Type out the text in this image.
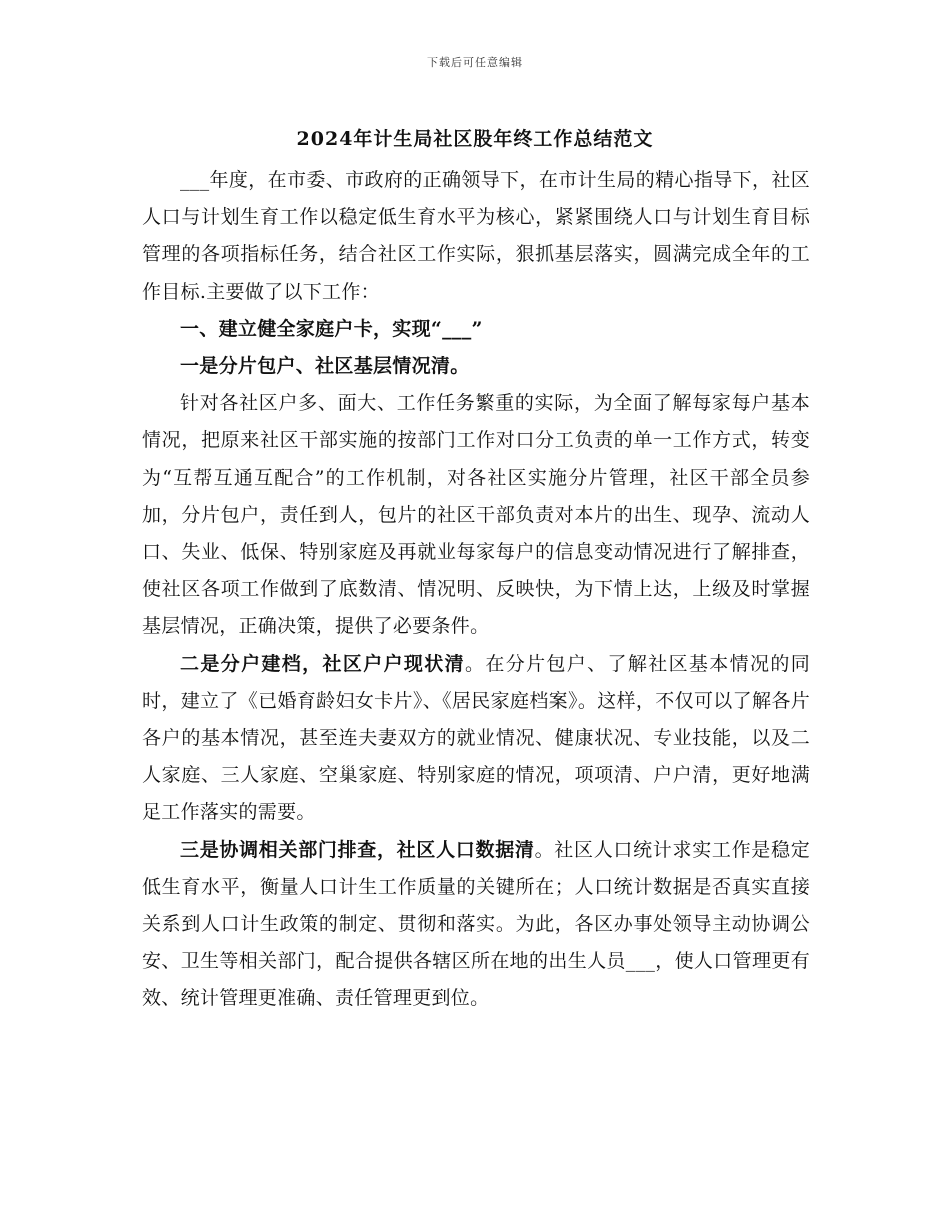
下载后可任意编辑
2024年计生局社区股年终工作总结范文

___年度，在市委、市政府的正确领导下，在市计生局的精心指导下，社区人口与计划生育工作以稳定低生育水平为核心，紧紧围绕人口与计划生育目标管理的各项指标任务，结合社区工作实际，狠抓基层落实，圆满完成全年的工作目标.主要做了以下工作：

一、建立健全家庭户卡，实现“___”

一是分片包户、社区基层情况清。

针对各社区户多、面大、工作任务繁重的实际，为全面了解每家每户基本情况，把原来社区干部实施的按部门工作对口分工负责的单一工作方式，转变为“互帮互通互配合”的工作机制，对各社区实施分片管理，社区干部全员参加，分片包户，责任到人，包片的社区干部负责对本片的出生、现孕、流动人口、失业、低保、特别家庭及再就业每家每户的信息变动情况进行了解排查，使社区各项工作做到了底数清、情况明、反映快，为下情上达，上级及时掌握基层情况，正确决策，提供了必要条件。

二是分户建档，社区户户现状清。在分片包户、了解社区基本情况的同时，建立了《已婚育龄妇女卡片》、《居民家庭档案》。这样，不仅可以了解各片各户的基本情况，甚至连夫妻双方的就业情况、健康状况、专业技能，以及二人家庭、三人家庭、空巢家庭、特别家庭的情况，项项清、户户清，更好地满足工作落实的需要。

三是协调相关部门排查，社区人口数据清。社区人口统计求实工作是稳定低生育水平，衡量人口计生工作质量的关键所在；人口统计数据是否真实直接关系到人口计生政策的制定、贯彻和落实。为此，各区办事处领导主动协调公安、卫生等相关部门，配合提供各辖区所在地的出生人员___，使人口管理更有效、统计管理更准确、责任管理更到位。
